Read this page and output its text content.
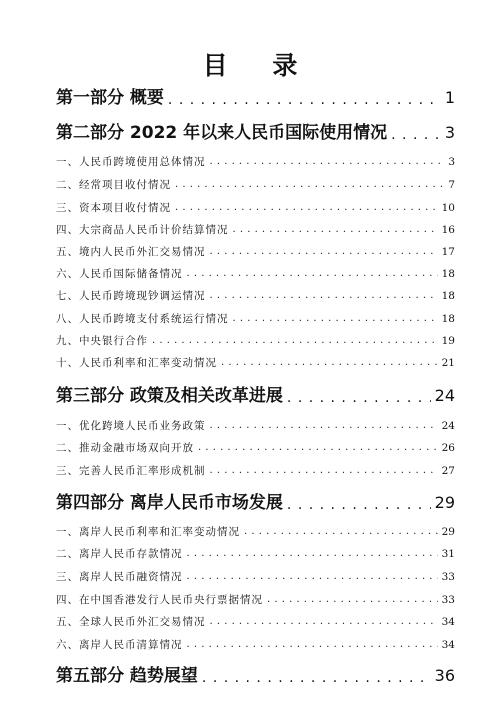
目 录
第一部分 概要 . . .	1
第二部分 2022 年以来人民币国际使用情况 . . .	3
一、人民币跨境使用总体情况 . . .	3
二、经常项目收付情况 . . .	7
三、资本项目收付情况 . . .	10
四、大宗商品人民币计价结算情况 . . .	16
五、境内人民币外汇交易情况 . . .	17
六、人民币国际储备情况 . . .	18
七、人民币跨境现钞调运情况 . . .	18
八、人民币跨境支付系统运行情况 . . .	18
九、中央银行合作 . . .	19
十、人民币利率和汇率变动情况 . . .	21
第三部分 政策及相关改革进展 . . .	24
一、优化跨境人民币业务政策 . . .	24
二、推动金融市场双向开放 . . .	26
三、完善人民币汇率形成机制 . . .	27
第四部分 离岸人民币市场发展 . . .	29
一、离岸人民币利率和汇率变动情况 . . .	29
二、离岸人民币存款情况 . . .	31
三、离岸人民币融资情况 . . .	33
四、在中国香港发行人民币央行票据情况 . . .	33
五、全球人民币外汇交易情况 . . .	34
六、离岸人民币清算情况 . . .	34
第五部分 趋势展望 . . .	36
